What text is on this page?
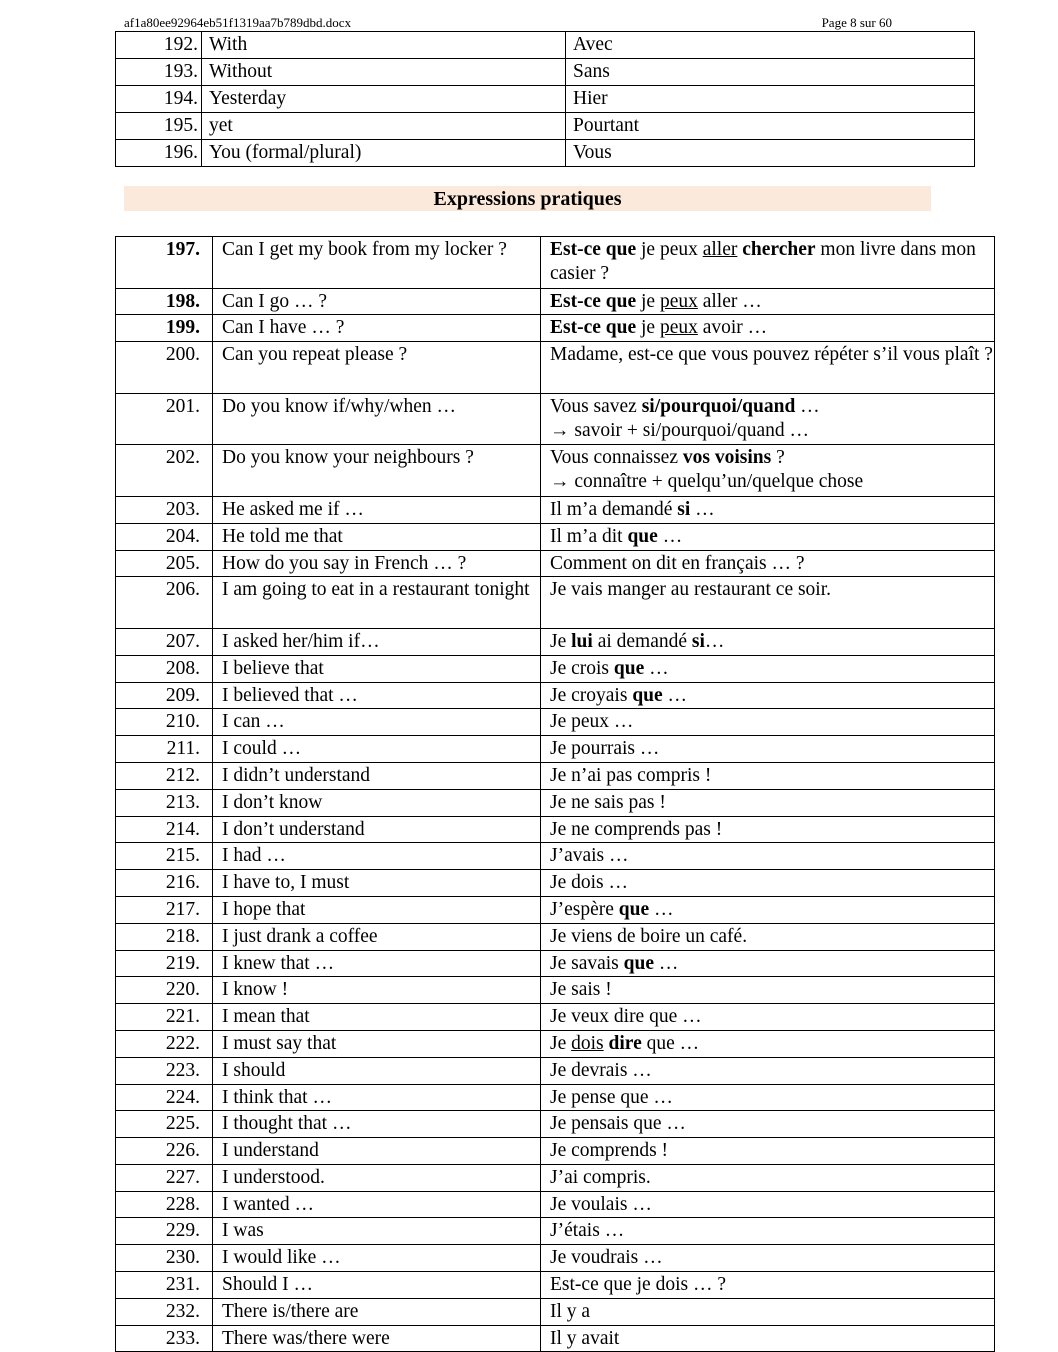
af1a80ee92964eb51f1319aa7b789dbd.docx	Page 8 sur 60
192.	With	Avec
193.	Without	Sans
194.	Yesterday	Hier
195.	yet	Pourtant
196.	You (formal/plural)	Vous
Expressions pratiques
197.	Can I get my book from my locker ?	Est-ce que je peux aller chercher mon livre dans mon casier ?
198.	Can I go … ?	Est-ce que je peux aller …
199.	Can I have … ?	Est-ce que je peux avoir …
200.	Can you repeat please ?	Madame, est-ce que vous pouvez répéter s’il vous plaît ?
201.	Do you know if/why/when …	Vous savez si/pourquoi/quand …
→ savoir + si/pourquoi/quand …
202.	Do you know your neighbours ?	Vous connaissez vos voisins ?
→ connaître + quelqu’un/quelque chose
203.	He asked me if …	Il m’a demandé si …
204.	He told me that	Il m’a dit que …
205.	How do you say in French … ?	Comment on dit en français … ?
206.	I am going to eat in a restaurant tonight	Je vais manger au restaurant ce soir.
207.	I asked her/him if…	Je lui ai demandé si…
208.	I believe that	Je crois que …
209.	I believed that …	Je croyais que …
210.	I can …	Je peux …
211.	I could …	Je pourrais …
212.	I didn’t understand	Je n’ai pas compris !
213.	I don’t know	Je ne sais pas !
214.	I don’t understand	Je ne comprends pas !
215.	I had …	J’avais …
216.	I have to, I must	Je dois …
217.	I hope that	J’espère que …
218.	I just drank a coffee	Je viens de boire un café.
219.	I knew that …	Je savais que …
220.	I know !	Je sais !
221.	I mean that	Je veux dire que …
222.	I must say that	Je dois dire que …
223.	I should	Je devrais …
224.	I think that …	Je pense que …
225.	I thought that …	Je pensais que …
226.	I understand	Je comprends !
227.	I understood.	J’ai compris.
228.	I wanted …	Je voulais …
229.	I was	J’étais …
230.	I would like …	Je voudrais …
231.	Should I …	Est-ce que je dois … ?
232.	There is/there are	Il y a
233.	There was/there were	Il y avait
